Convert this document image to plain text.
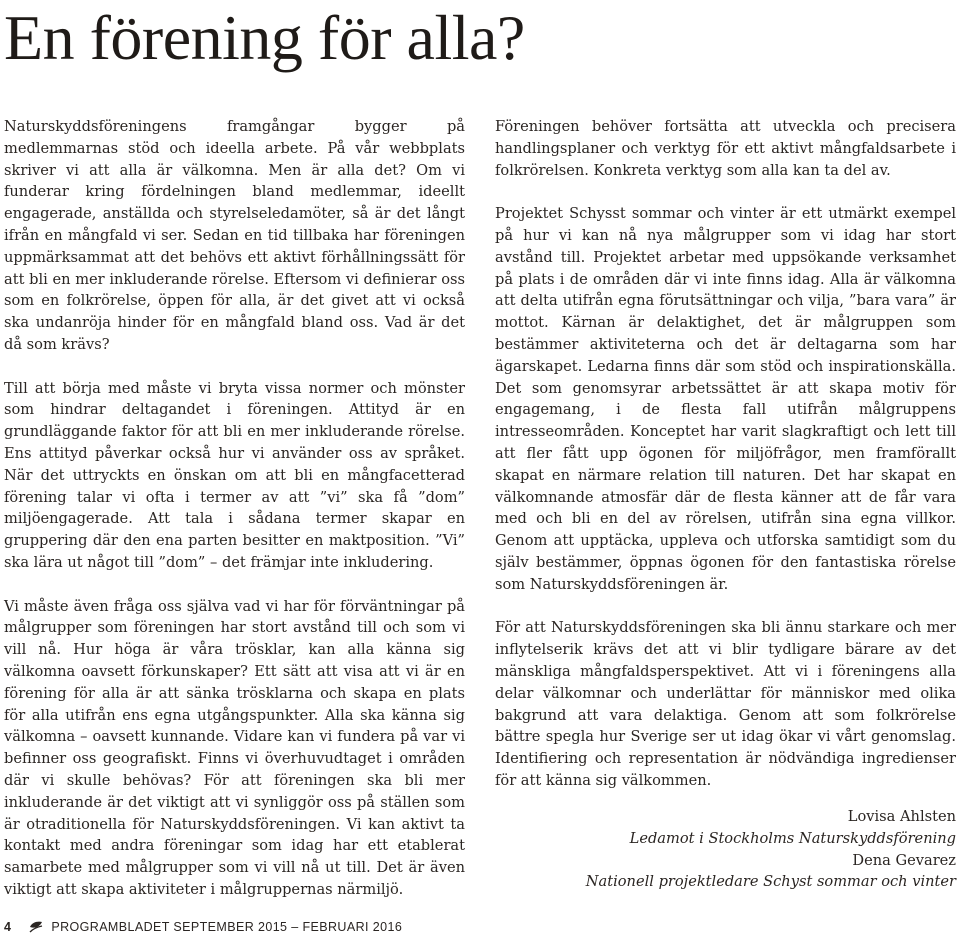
En förening för alla?

Naturskyddsföreningens framgångar bygger på medlemmarnas stöd och ideella arbete. På vår webbplats skriver vi att alla är välkomna. Men är alla det? Om vi funderar kring fördelningen bland medlemmar, ideellt engagerade, anställda och styrelseledamöter, så är det långt ifrån en mångfald vi ser. Sedan en tid tillbaka har föreningen uppmärksammat att det behövs ett aktivt förhållningssätt för att bli en mer inkluderande rörelse. Eftersom vi definierar oss som en folkrörelse, öppen för alla, är det givet att vi också ska undanröja hinder för en mångfald bland oss. Vad är det då som krävs?

Till att börja med måste vi bryta vissa normer och mönster som hindrar deltagandet i föreningen. Attityd är en grundläggande faktor för att bli en mer inkluderande rörelse. Ens attityd påverkar också hur vi använder oss av språket. När det uttryckts en önskan om att bli en mångfacetterad förening talar vi ofta i termer av att ”vi” ska få ”dom” miljöengagerade. Att tala i sådana termer skapar en gruppering där den ena parten besitter en maktposition. ”Vi” ska lära ut något till ”dom” – det främjar inte inkludering.

Vi måste även fråga oss själva vad vi har för förväntningar på målgrupper som föreningen har stort avstånd till och som vi vill nå. Hur höga är våra trösklar, kan alla känna sig välkomna oavsett förkunskaper? Ett sätt att visa att vi är en förening för alla är att sänka trösklarna och skapa en plats för alla utifrån ens egna utgångspunkter. Alla ska känna sig välkomna – oavsett kunnande. Vidare kan vi fundera på var vi befinner oss geografiskt. Finns vi överhuvudtaget i områden där vi skulle behövas? För att föreningen ska bli mer inkluderande är det viktigt att vi synliggör oss på ställen som är otraditionella för Naturskyddsföreningen. Vi kan aktivt ta kontakt med andra föreningar som idag har ett etablerat samarbete med målgrupper som vi vill nå ut till. Det är även viktigt att skapa aktiviteter i målgruppernas närmiljö.

Föreningen behöver fortsätta att utveckla och precisera handlingsplaner och verktyg för ett aktivt mångfaldsarbete i folkrörelsen. Konkreta verktyg som alla kan ta del av.

Projektet Schysst sommar och vinter är ett utmärkt exempel på hur vi kan nå nya målgrupper som vi idag har stort avstånd till. Projektet arbetar med uppsökande verksamhet på plats i de områden där vi inte finns idag. Alla är välkomna att delta utifrån egna förutsättningar och vilja, ”bara vara” är mottot. Kärnan är delaktighet, det är målgruppen som bestämmer aktiviteterna och det är deltagarna som har ägarskapet. Ledarna finns där som stöd och inspirationskälla. Det som genomsyrar arbetssättet är att skapa motiv för engagemang, i de flesta fall utifrån målgruppens intresseområden. Konceptet har varit slagkraftigt och lett till att fler fått upp ögonen för miljöfrågor, men framförallt skapat en närmare relation till naturen. Det har skapat en välkomnande atmosfär där de flesta känner att de får vara med och bli en del av rörelsen, utifrån sina egna villkor. Genom att upptäcka, uppleva och utforska samtidigt som du själv bestämmer, öppnas ögonen för den fantastiska rörelse som Naturskyddsföreningen är.

För att Naturskyddsföreningen ska bli ännu starkare och mer inflytelserik krävs det att vi blir tydligare bärare av det mänskliga mångfaldsperspektivet. Att vi i föreningens alla delar välkomnar och underlättar för människor med olika bakgrund att vara delaktiga. Genom att som folkrörelse bättre spegla hur Sverige ser ut idag ökar vi vårt genomslag. Identifiering och representation är nödvändiga ingredienser för att känna sig välkommen.

Lovisa Ahlsten
Ledamot i Stockholms Naturskyddsförening
Dena Gevarez
Nationell projektledare Schyst sommar och vinter
4	PROGRAMBLADET SEPTEMBER 2015 – FEBRUARI 2016
